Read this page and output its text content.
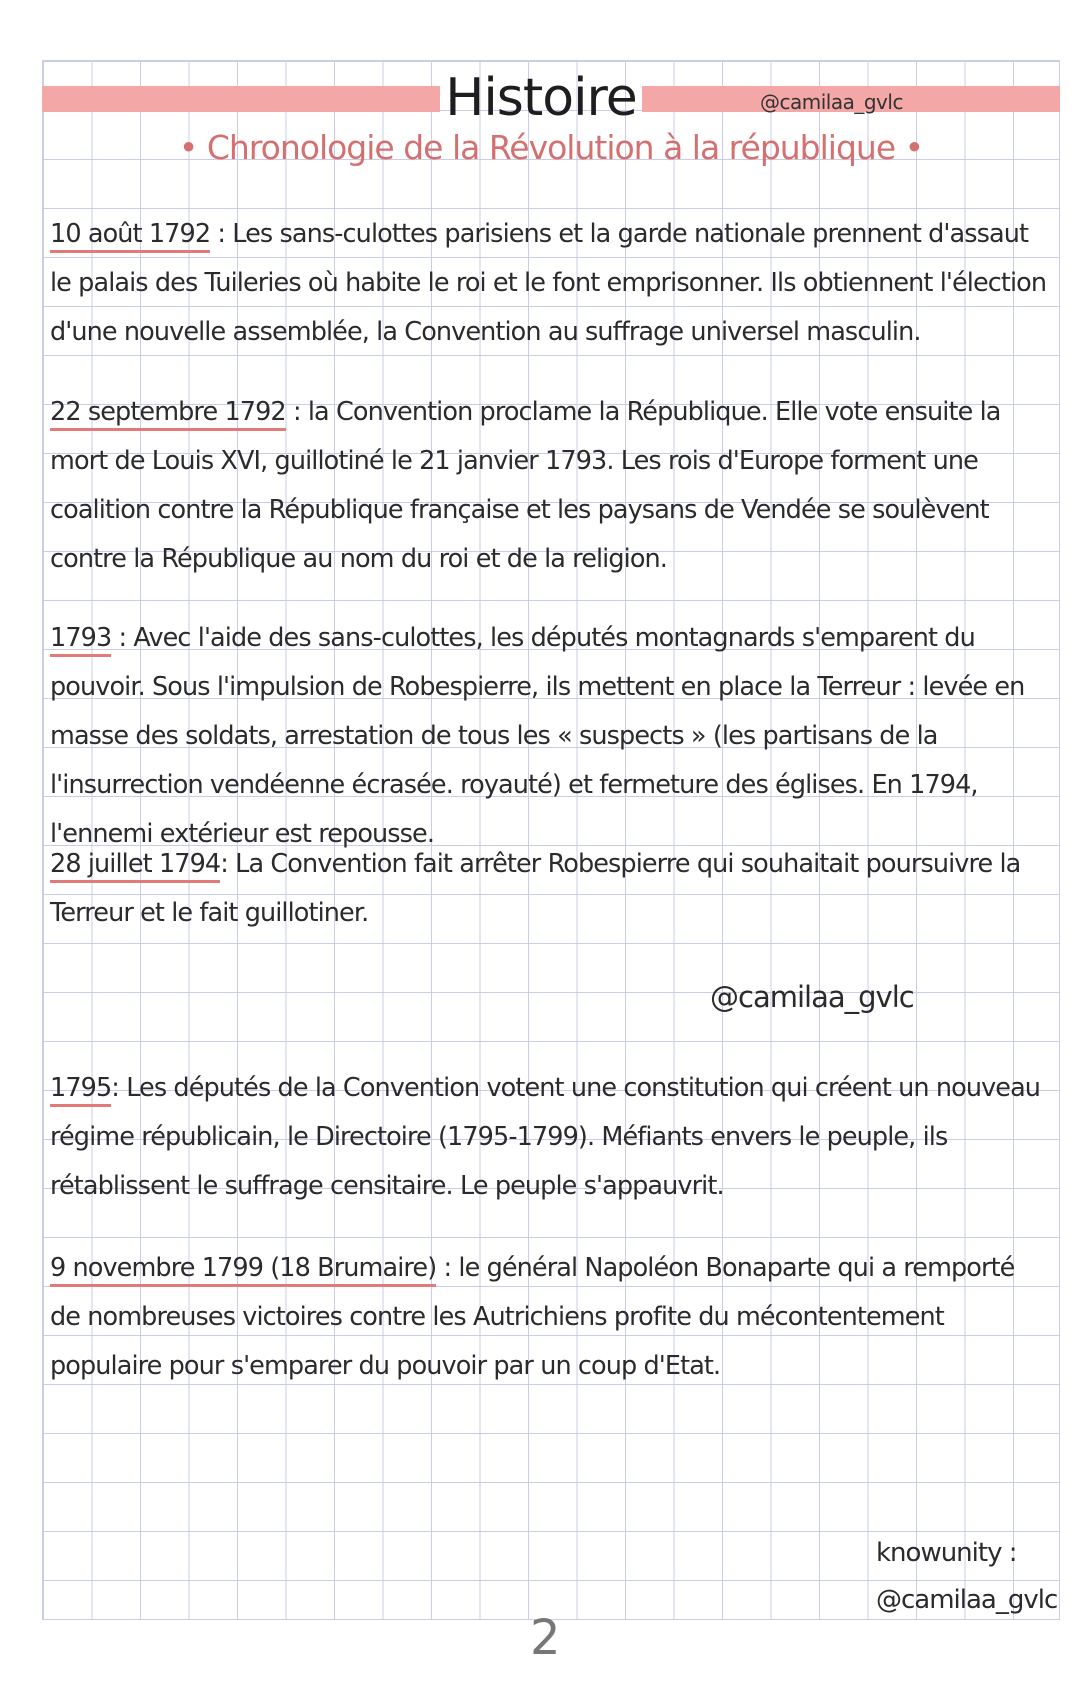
Histoire	@camilaa_gvlc
• Chronologie de la Révolution à la république •
10 août 1792 : Les sans-culottes parisiens et la garde nationale prennent d'assaut le palais des Tuileries où habite le roi et le font emprisonner. Ils obtiennent l'élection d'une nouvelle assemblée, la Convention au suffrage universel masculin.
22 septembre 1792 : la Convention proclame la République. Elle vote ensuite la mort de Louis XVI, guillotiné le 21 janvier 1793. Les rois d'Europe forment une coalition contre la République française et les paysans de Vendée se soulèvent contre la République au nom du roi et de la religion.
1793 : Avec l'aide des sans-culottes, les députés montagnards s'emparent du pouvoir. Sous l'impulsion de Robespierre, ils mettent en place la Terreur : levée en masse des soldats, arrestation de tous les « suspects » (les partisans de la l'insurrection vendéenne écrasée. royauté) et fermeture des églises. En 1794, l'ennemi extérieur est repousse.
28 juillet 1794: La Convention fait arrêter Robespierre qui souhaitait poursuivre la Terreur et le fait guillotiner.
@camilaa_gvlc
1795: Les députés de la Convention votent une constitution qui créent un nouveau régime républicain, le Directoire (1795-1799). Méfiants envers le peuple, ils rétablissent le suffrage censitaire. Le peuple s'appauvrit.
9 novembre 1799 (18 Brumaire) : le général Napoléon Bonaparte qui a remporté de nombreuses victoires contre les Autrichiens profite du mécontentement populaire pour s'emparer du pouvoir par un coup d'Etat.
knowunity :
@camilaa_gvlc
2
